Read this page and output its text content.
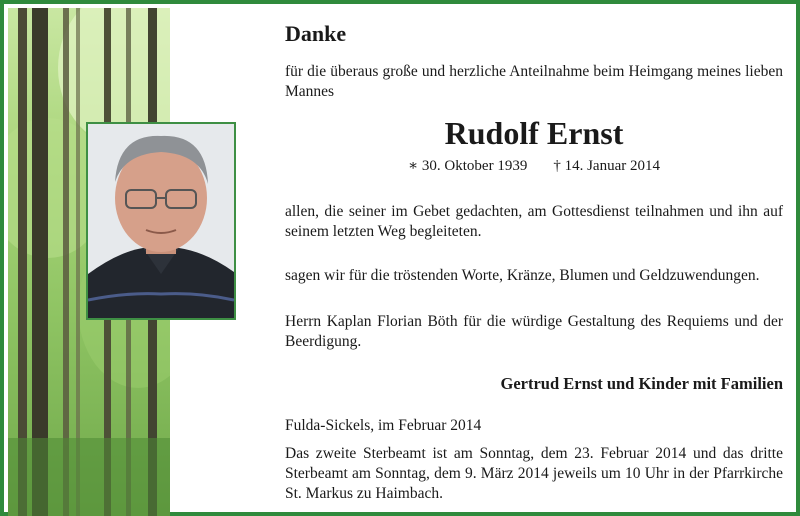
Danke
für die überaus große und herzliche Anteilnahme beim Heimgang meines lieben Mannes
Rudolf Ernst
∗ 30. Oktober 1939 † 14. Januar 2014
allen, die seiner im Gebet gedachten, am Gottesdienst teilnahmen und ihn auf seinem letzten Weg begleiteten.
sagen wir für die tröstenden Worte, Kränze, Blumen und Geldzuwendungen.
Herrn Kaplan Florian Böth für die würdige Gestaltung des Requiems und der Beerdigung.
Gertrud Ernst und Kinder mit Familien
Fulda-Sickels, im Februar 2014
Das zweite Sterbeamt ist am Sonntag, dem 23. Februar 2014 und das dritte Sterbeamt am Sonntag, dem 9. März 2014 jeweils um 10 Uhr in der Pfarrkirche St. Markus zu Haimbach.
